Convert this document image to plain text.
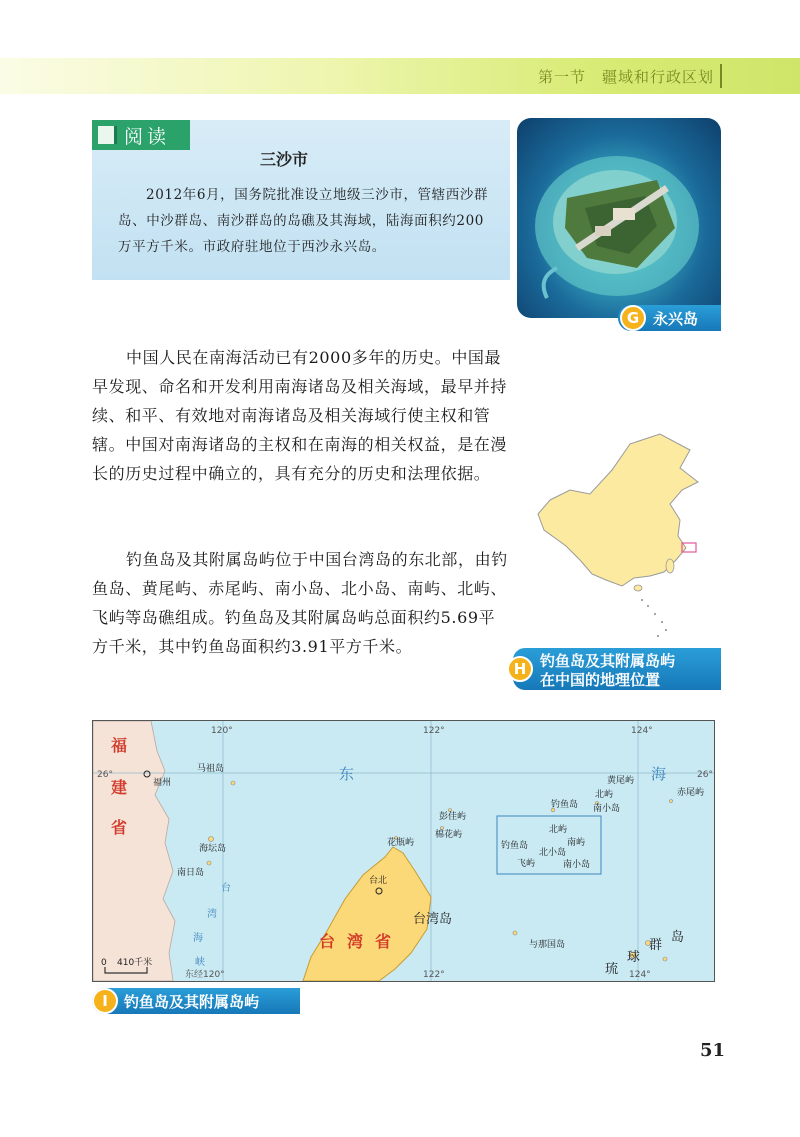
第一节　疆域和行政区划
阅读
三沙市
2012年6月，国务院批准设立地级三沙市，管辖西沙群岛、中沙群岛、南沙群岛的岛礁及其海域，陆海面积约200万平方千米。市政府驻地位于西沙永兴岛。
G 永兴岛
中国人民在南海活动已有2000多年的历史。中国最早发现、命名和开发利用南海诸岛及相关海域，最早并持续、和平、有效地对南海诸岛及相关海域行使主权和管辖。中国对南海诸岛的主权和在南海的相关权益，是在漫长的历史过程中确立的，具有充分的历史和法理依据。
钓鱼岛及其附属岛屿位于中国台湾岛的东北部，由钓鱼岛、黄尾屿、赤尾屿、南小岛、北小岛、南屿、北屿、飞屿等岛礁组成。钓鱼岛及其附属岛屿总面积约5.69平方千米，其中钓鱼岛面积约3.91平方千米。
H 钓鱼岛及其附属岛屿
在中国的地理位置
120°	122°	124°
26°	26°
东经120°	122°	124°
福
建
省
台 湾 省
东	海
台
湾
海
峡
福州
马祖岛
海坛岛
南日岛
彭佳屿
棉花屿
花瓶屿
台北
钓鱼岛
黄尾屿
北屿
南小岛
赤尾屿
北屿
南屿
钓鱼岛
北小岛
飞屿	南小岛
与那国岛
410千米
0
台湾岛
琉
球
群
岛
I	钓鱼岛及其附属岛屿
51
